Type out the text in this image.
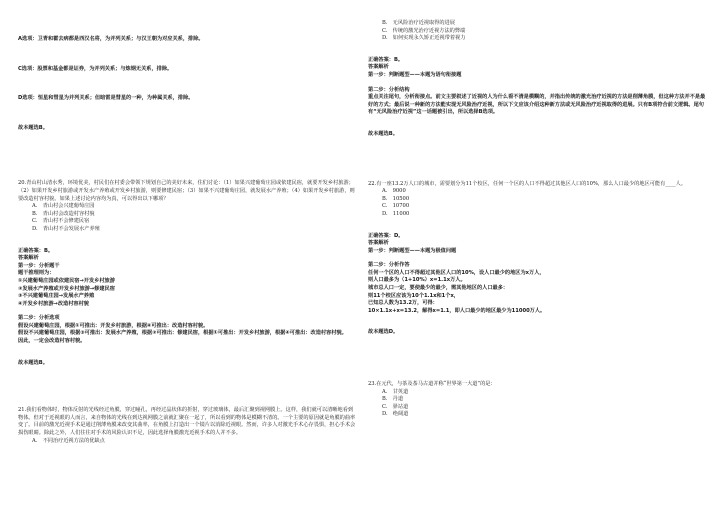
A选项：卫青和霍去病都是西汉名将，为并列关系；与汉王朝为对应关系，排除。

C选项：股票和基金都是证券，为并列关系；与炼钢无关系，排除。

D选项：恒星和彗星为并列关系；但暗雷是彗星的一种，为种属关系，排除。

故本题选B。

20.青山村山清水秀，环境优美，村民们在村委会带领下规划自己的美好未来，住们讨论：（1）如果兴建葡萄庄园或依建民宿，就要开发乡村旅游；（2）如果开发乡村旅游或开发水产养殖或开发乡村旅游，则要修建民宿；（3）如果不兴建葡萄庄园，就发展水产养殖；（4）如果开发乡村旅游，则要改造村容村貌。如果上述讨论内容均为真，可以得出以下哪项？

A.　青山村会兴建葡萄庄园

B.　青山村会改造村容村貌

C.　青山村不会修建民宿

D.　青山村不会发展水产养殖

正确答案：B。

答案解析

第一步：分析题干

题干推理则为：

①兴建葡萄庄园或依建民宿→开发乡村旅游

②发展水产养殖或开发乡村旅游→修建民宿

③不兴建葡萄庄园→发展水产养殖

④开发乡村旅游→改造村容村貌

第二步：分析选项

假设兴建葡萄庄园，根据①可推出：开发乡村旅游，根据④可推出：改造村容村貌。

假设不兴建葡萄庄园，根据③可推出：发展水产养殖，根据②可推出：修建民宿，根据①可推出：开发乡村旅游，根据④可推出：改造村容村貌。

因此，一定会改造村容村貌。

故本题选B。

21.我们看物体时，物体反射的光线经过角膜，穿过瞳孔，再经过晶状体的折射，穿过玻璃体，最后汇聚到视网膜上。这样，我们就可以清晰地看到物体。但对于近视眼的人而言，来自物体的光线在到达视网膜之前就汇聚在一起了，所以看到的物体是模糊不清的。一个主要的原因就是角膜的曲率变了。目前的激光近视手术是通过削薄角膜来改变其曲率，在角膜上打造出一个镜片以消除近视眼。然而，许多人对激光手术心存畏惧，担心手术会损伤眼睛。除此之外，人们往往对手术的风险认识不足，因此选择角膜激光近视手术的人并不多。

A.　不同治疗近视方法的优缺点

B.　无风险治疗近视取得的进展

C.　传统的激光治疗近视方法的弊端

D.　如何实现永久矫正近视带着视力

正确答案：B。

答案解析

第一步：判断题型——本题为语句衔接题

第二步：分析结构

重点关注尾句，分析衔接点。前文主要叙述了近视的人为什么看不清是模糊的，并指出传统的激光治疗近视的方法是削薄角膜，但这种方法并不是最好的方式；最后说一种新的方法能实现无风险治疗近视，所以下文应该介绍这种新方法或无风险治疗近视取得的进展。只有B项符合前文逻辑。尾句有“无风险治疗近视”这一话题被引出，所以选择B选项。

故本题选B。

22.有一座13.2万人口的城市，需要划分为11个校区，任何一个区的人口不得超过其他区人口的10%，那么人口最少的地区可能有____人。

A.　9000

B.　10500

C.　10700

D.　11000

正确答案：D。

答案解析

第一步：判断题型——本题为极值问题

第二步：分析作答

任何一个区的人口不得超过其他区人口的10%，设人口最少的地区为x万人，

则人口最多为（1+10%）x=1.1x万人。

城市总人口一定，要使最少的最少，需其他地区的人口最多：

则11个校区应该为10个1.1x和1个x，

已知总人数为13.2万，可得：

10×1.1x+x=13.2，解得x=1.1，即人口最少的地区最少为11000万人。

故本题选D。

23.在元代，与茶及茶马古道并称“世界第一大道”的是：

A.　甘英道

B.　丹道

C.　驿站道

D.　绝阔道
